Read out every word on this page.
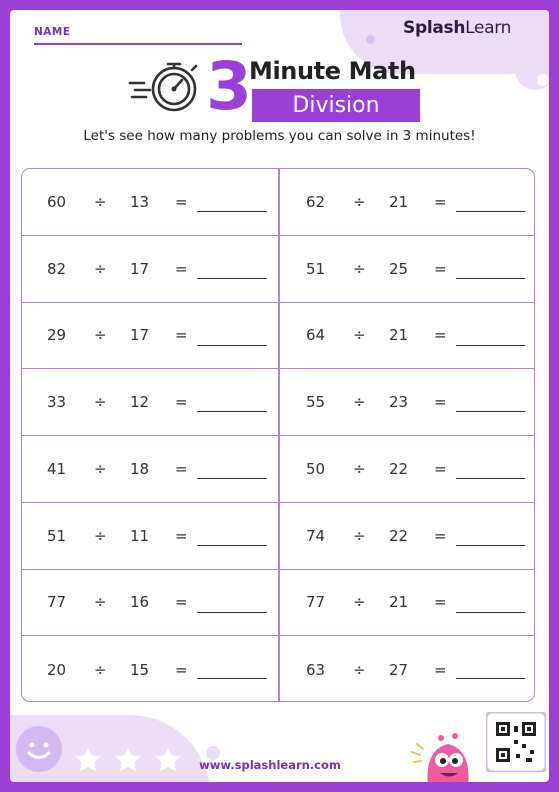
SplashLearn
NAME
3
Minute Math
Division
Let's see how many problems you can solve in 3 minutes!
60 ÷ 13 =	62 ÷ 21 =
82 ÷ 17 =	51 ÷ 25 =
29 ÷ 17 =	64 ÷ 21 =
33 ÷ 12 =	55 ÷ 23 =
41 ÷ 18 =	50 ÷ 22 =
51 ÷ 11 =	74 ÷ 22 =
77 ÷ 16 =	77 ÷ 21 =
20 ÷ 15 =	63 ÷ 27 =
www.splashlearn.com
